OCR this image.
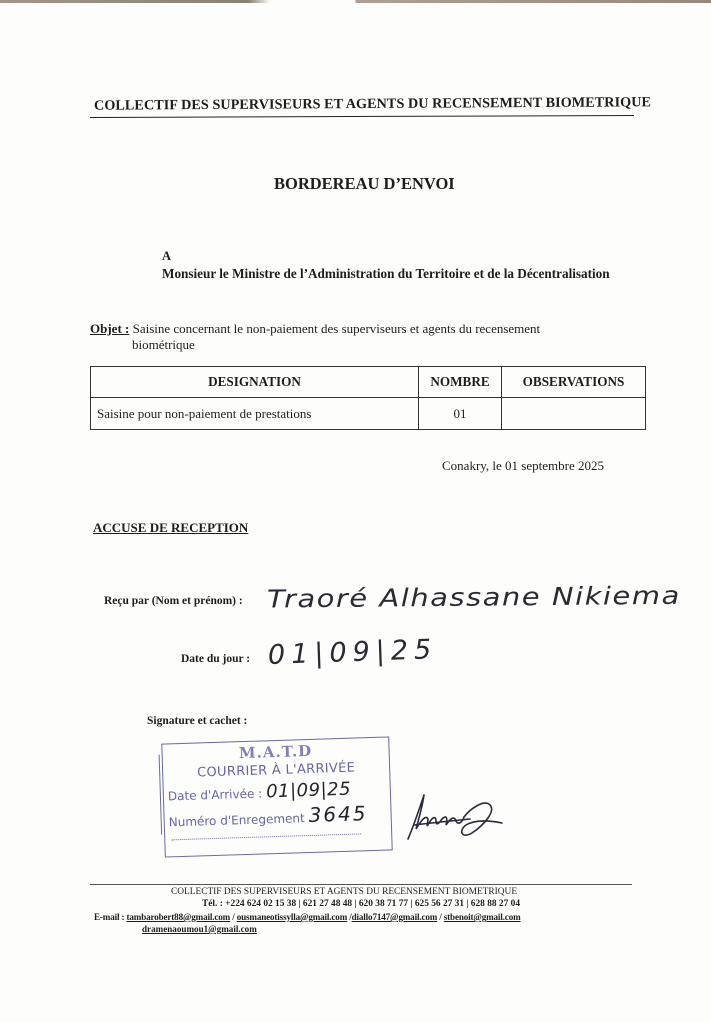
COLLECTIF DES SUPERVISEURS ET AGENTS DU RECENSEMENT BIOMETRIQUE
BORDEREAU D’ENVOI
A
Monsieur le Ministre de l’Administration du Territoire et de la Décentralisation
Objet : Saisine concernant le non-paiement des superviseurs et agents du recensement
biométrique
DESIGNATION	NOMBRE	OBSERVATIONS
Saisine pour non-paiement de prestations	01	
Conakry, le 01 septembre 2025
ACCUSE DE RECEPTION
Reçu par (Nom et prénom) : Traoré Alhassane Nikiema
Date du jour : 01|09|25
Signature et cachet :
M.A.T.D
COURRIER À L'ARRIVÉE
Date d'Arrivée : 01|09|25
Numéro d'Enregement 3645
COLLECTIF DES SUPERVISEURS ET AGENTS DU RECENSEMENT BIOMETRIQUE
Tél. : +224 624 02 15 38 | 621 27 48 48 | 620 38 71 77 | 625 56 27 31 | 628 88 27 04
E-mail : tambarobert88@gmail.com / ousmaneotissylla@gmail.com /diallo7147@gmail.com / stbenoit@gmail.com
dramenaoumou1@gmail.com
